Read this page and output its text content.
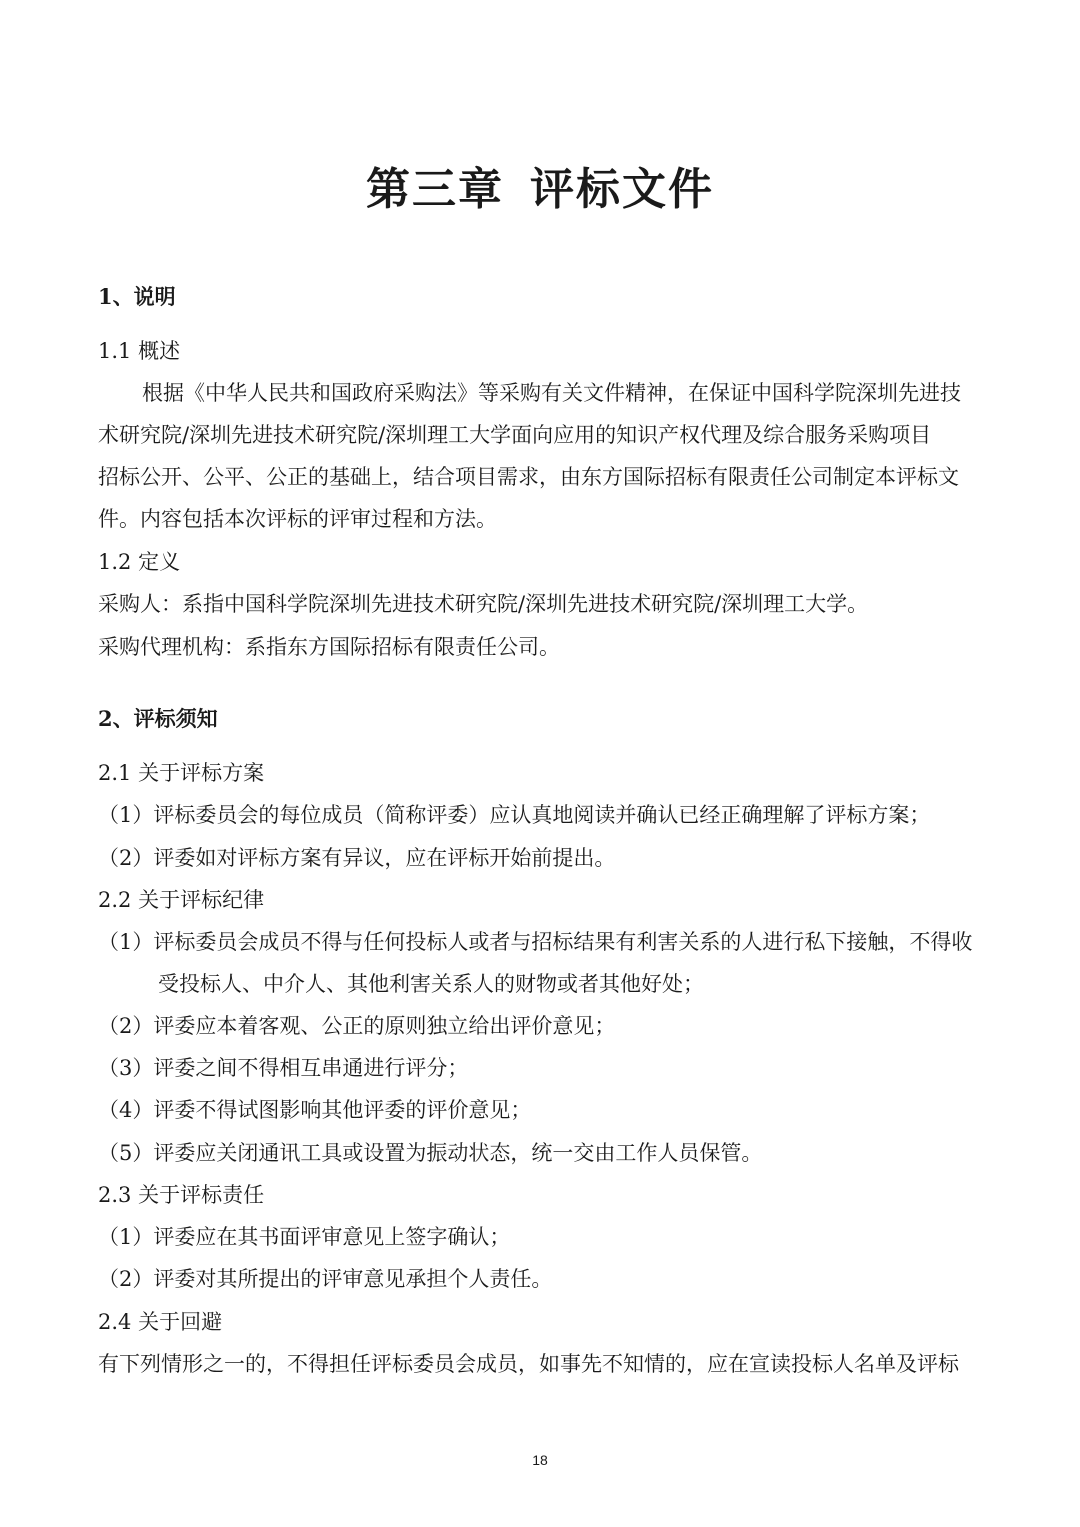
第三章 评标文件
1、说明
1.1 概述
根据《中华人民共和国政府采购法》等采购有关文件精神，在保证中国科学院深圳先进技
术研究院/深圳先进技术研究院/深圳理工大学面向应用的知识产权代理及综合服务采购项目
招标公开、公平、公正的基础上，结合项目需求，由东方国际招标有限责任公司制定本评标文
件。内容包括本次评标的评审过程和方法。
1.2 定义
采购人：系指中国科学院深圳先进技术研究院/深圳先进技术研究院/深圳理工大学。
采购代理机构：系指东方国际招标有限责任公司。
2、评标须知
2.1 关于评标方案
（1）评标委员会的每位成员（简称评委）应认真地阅读并确认已经正确理解了评标方案；
（2）评委如对评标方案有异议，应在评标开始前提出。
2.2 关于评标纪律
（1）评标委员会成员不得与任何投标人或者与招标结果有利害关系的人进行私下接触，不得收
受投标人、中介人、其他利害关系人的财物或者其他好处；
（2）评委应本着客观、公正的原则独立给出评价意见；
（3）评委之间不得相互串通进行评分；
（4）评委不得试图影响其他评委的评价意见；
（5）评委应关闭通讯工具或设置为振动状态，统一交由工作人员保管。
2.3 关于评标责任
（1）评委应在其书面评审意见上签字确认；
（2）评委对其所提出的评审意见承担个人责任。
2.4 关于回避
有下列情形之一的，不得担任评标委员会成员，如事先不知情的，应在宣读投标人名单及评标
18
